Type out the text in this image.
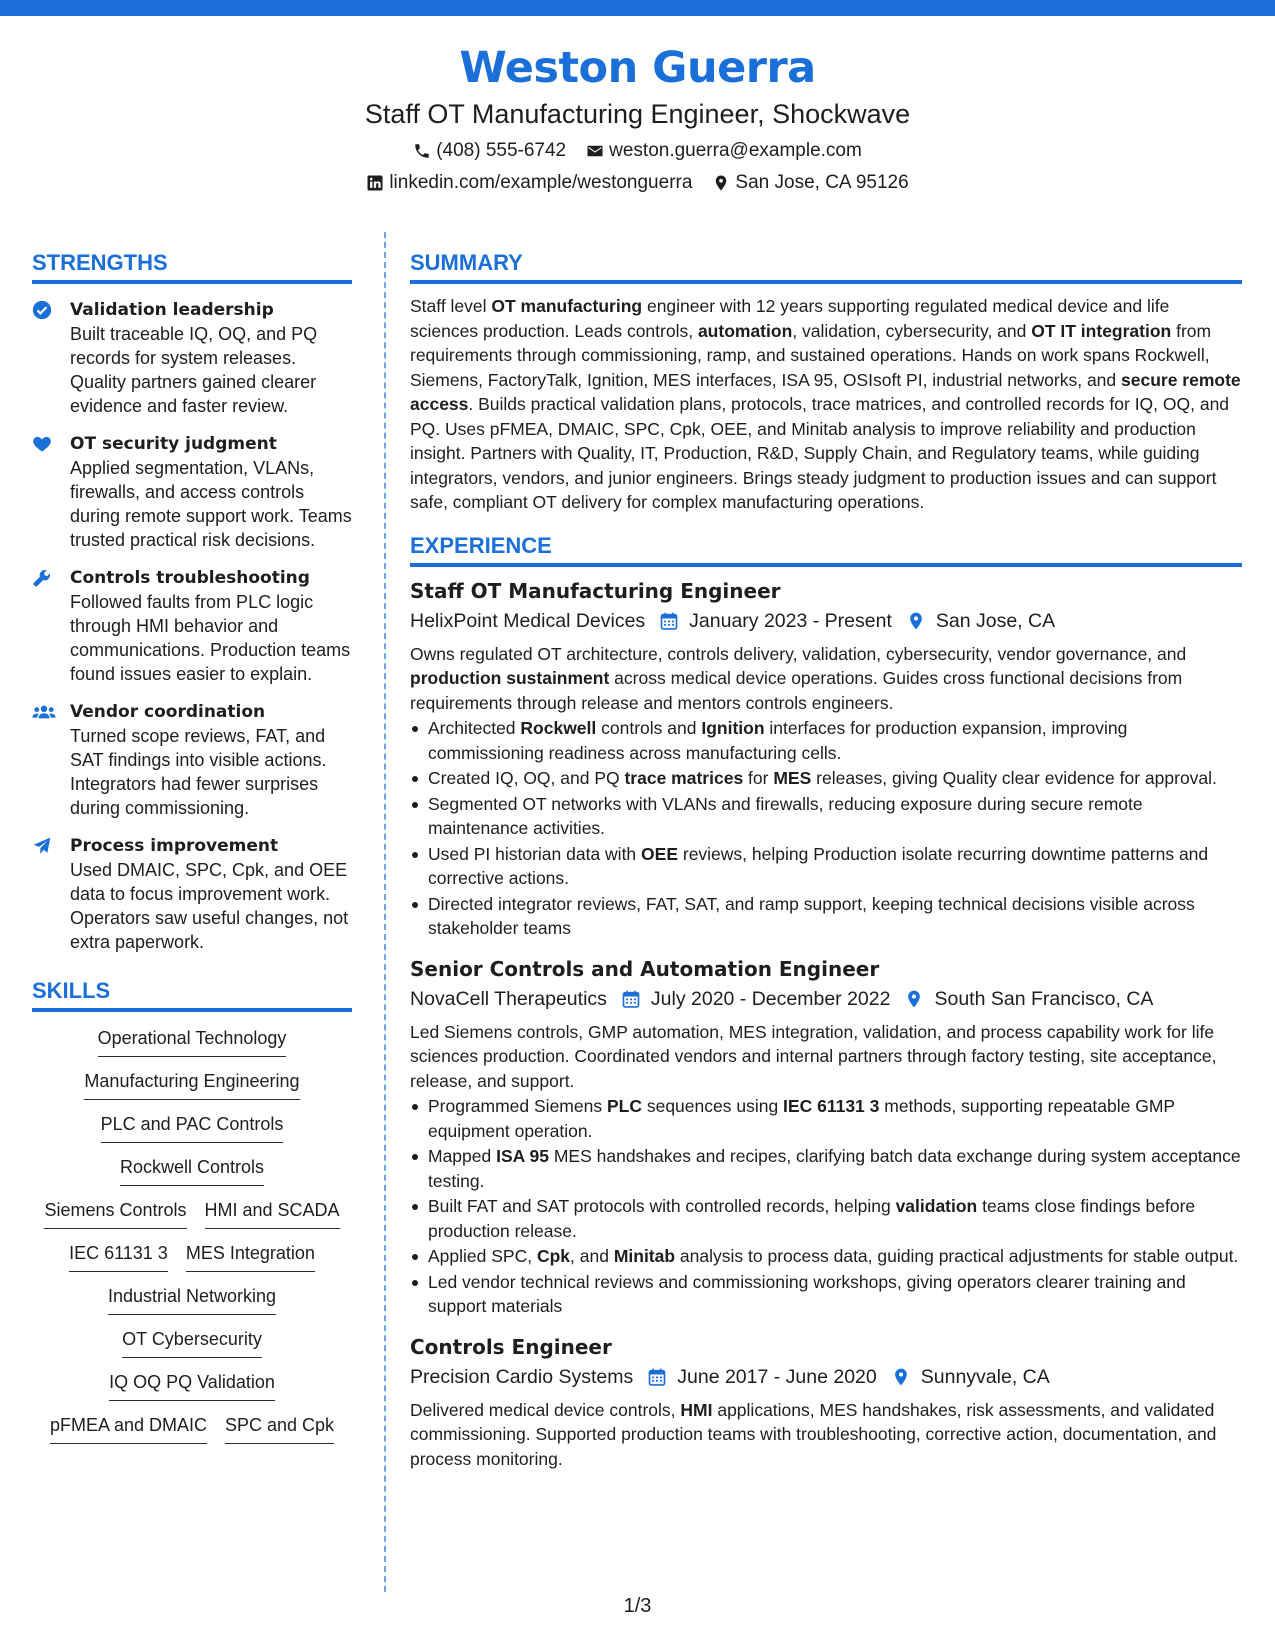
Weston Guerra
Staff OT Manufacturing Engineer, Shockwave
(408) 555-6742 weston.guerra@example.com
linkedin.com/example/westonguerra San Jose, CA 95126
STRENGTHS
Validation leadership
Built traceable IQ, OQ, and PQ records for system releases. Quality partners gained clearer evidence and faster review.
OT security judgment
Applied segmentation, VLANs, firewalls, and access controls during remote support work. Teams trusted practical risk decisions.
Controls troubleshooting
Followed faults from PLC logic through HMI behavior and communications. Production teams found issues easier to explain.
Vendor coordination
Turned scope reviews, FAT, and SAT findings into visible actions. Integrators had fewer surprises during commissioning.
Process improvement
Used DMAIC, SPC, Cpk, and OEE data to focus improvement work. Operators saw useful changes, not extra paperwork.
SKILLS
Operational Technology
Manufacturing Engineering
PLC and PAC Controls
Rockwell Controls
Siemens Controls HMI and SCADA
IEC 61131 3 MES Integration
Industrial Networking
OT Cybersecurity
IQ OQ PQ Validation
pFMEA and DMAIC SPC and Cpk
SUMMARY
Staff level OT manufacturing engineer with 12 years supporting regulated medical device and life sciences production. Leads controls, automation, validation, cybersecurity, and OT IT integration from requirements through commissioning, ramp, and sustained operations. Hands on work spans Rockwell, Siemens, FactoryTalk, Ignition, MES interfaces, ISA 95, OSIsoft PI, industrial networks, and secure remote access. Builds practical validation plans, protocols, trace matrices, and controlled records for IQ, OQ, and PQ. Uses pFMEA, DMAIC, SPC, Cpk, OEE, and Minitab analysis to improve reliability and production insight. Partners with Quality, IT, Production, R&D, Supply Chain, and Regulatory teams, while guiding integrators, vendors, and junior engineers. Brings steady judgment to production issues and can support safe, compliant OT delivery for complex manufacturing operations.
EXPERIENCE
Staff OT Manufacturing Engineer
HelixPoint Medical Devices January 2023 - Present San Jose, CA
Owns regulated OT architecture, controls delivery, validation, cybersecurity, vendor governance, and production sustainment across medical device operations. Guides cross functional decisions from requirements through release and mentors controls engineers.
Architected Rockwell controls and Ignition interfaces for production expansion, improving commissioning readiness across manufacturing cells.
Created IQ, OQ, and PQ trace matrices for MES releases, giving Quality clear evidence for approval.
Segmented OT networks with VLANs and firewalls, reducing exposure during secure remote maintenance activities.
Used PI historian data with OEE reviews, helping Production isolate recurring downtime patterns and corrective actions.
Directed integrator reviews, FAT, SAT, and ramp support, keeping technical decisions visible across stakeholder teams
Senior Controls and Automation Engineer
NovaCell Therapeutics July 2020 - December 2022 South San Francisco, CA
Led Siemens controls, GMP automation, MES integration, validation, and process capability work for life sciences production. Coordinated vendors and internal partners through factory testing, site acceptance, release, and support.
Programmed Siemens PLC sequences using IEC 61131 3 methods, supporting repeatable GMP equipment operation.
Mapped ISA 95 MES handshakes and recipes, clarifying batch data exchange during system acceptance testing.
Built FAT and SAT protocols with controlled records, helping validation teams close findings before production release.
Applied SPC, Cpk, and Minitab analysis to process data, guiding practical adjustments for stable output.
Led vendor technical reviews and commissioning workshops, giving operators clearer training and support materials
Controls Engineer
Precision Cardio Systems June 2017 - June 2020 Sunnyvale, CA
Delivered medical device controls, HMI applications, MES handshakes, risk assessments, and validated commissioning. Supported production teams with troubleshooting, corrective action, documentation, and process monitoring.
1/3
